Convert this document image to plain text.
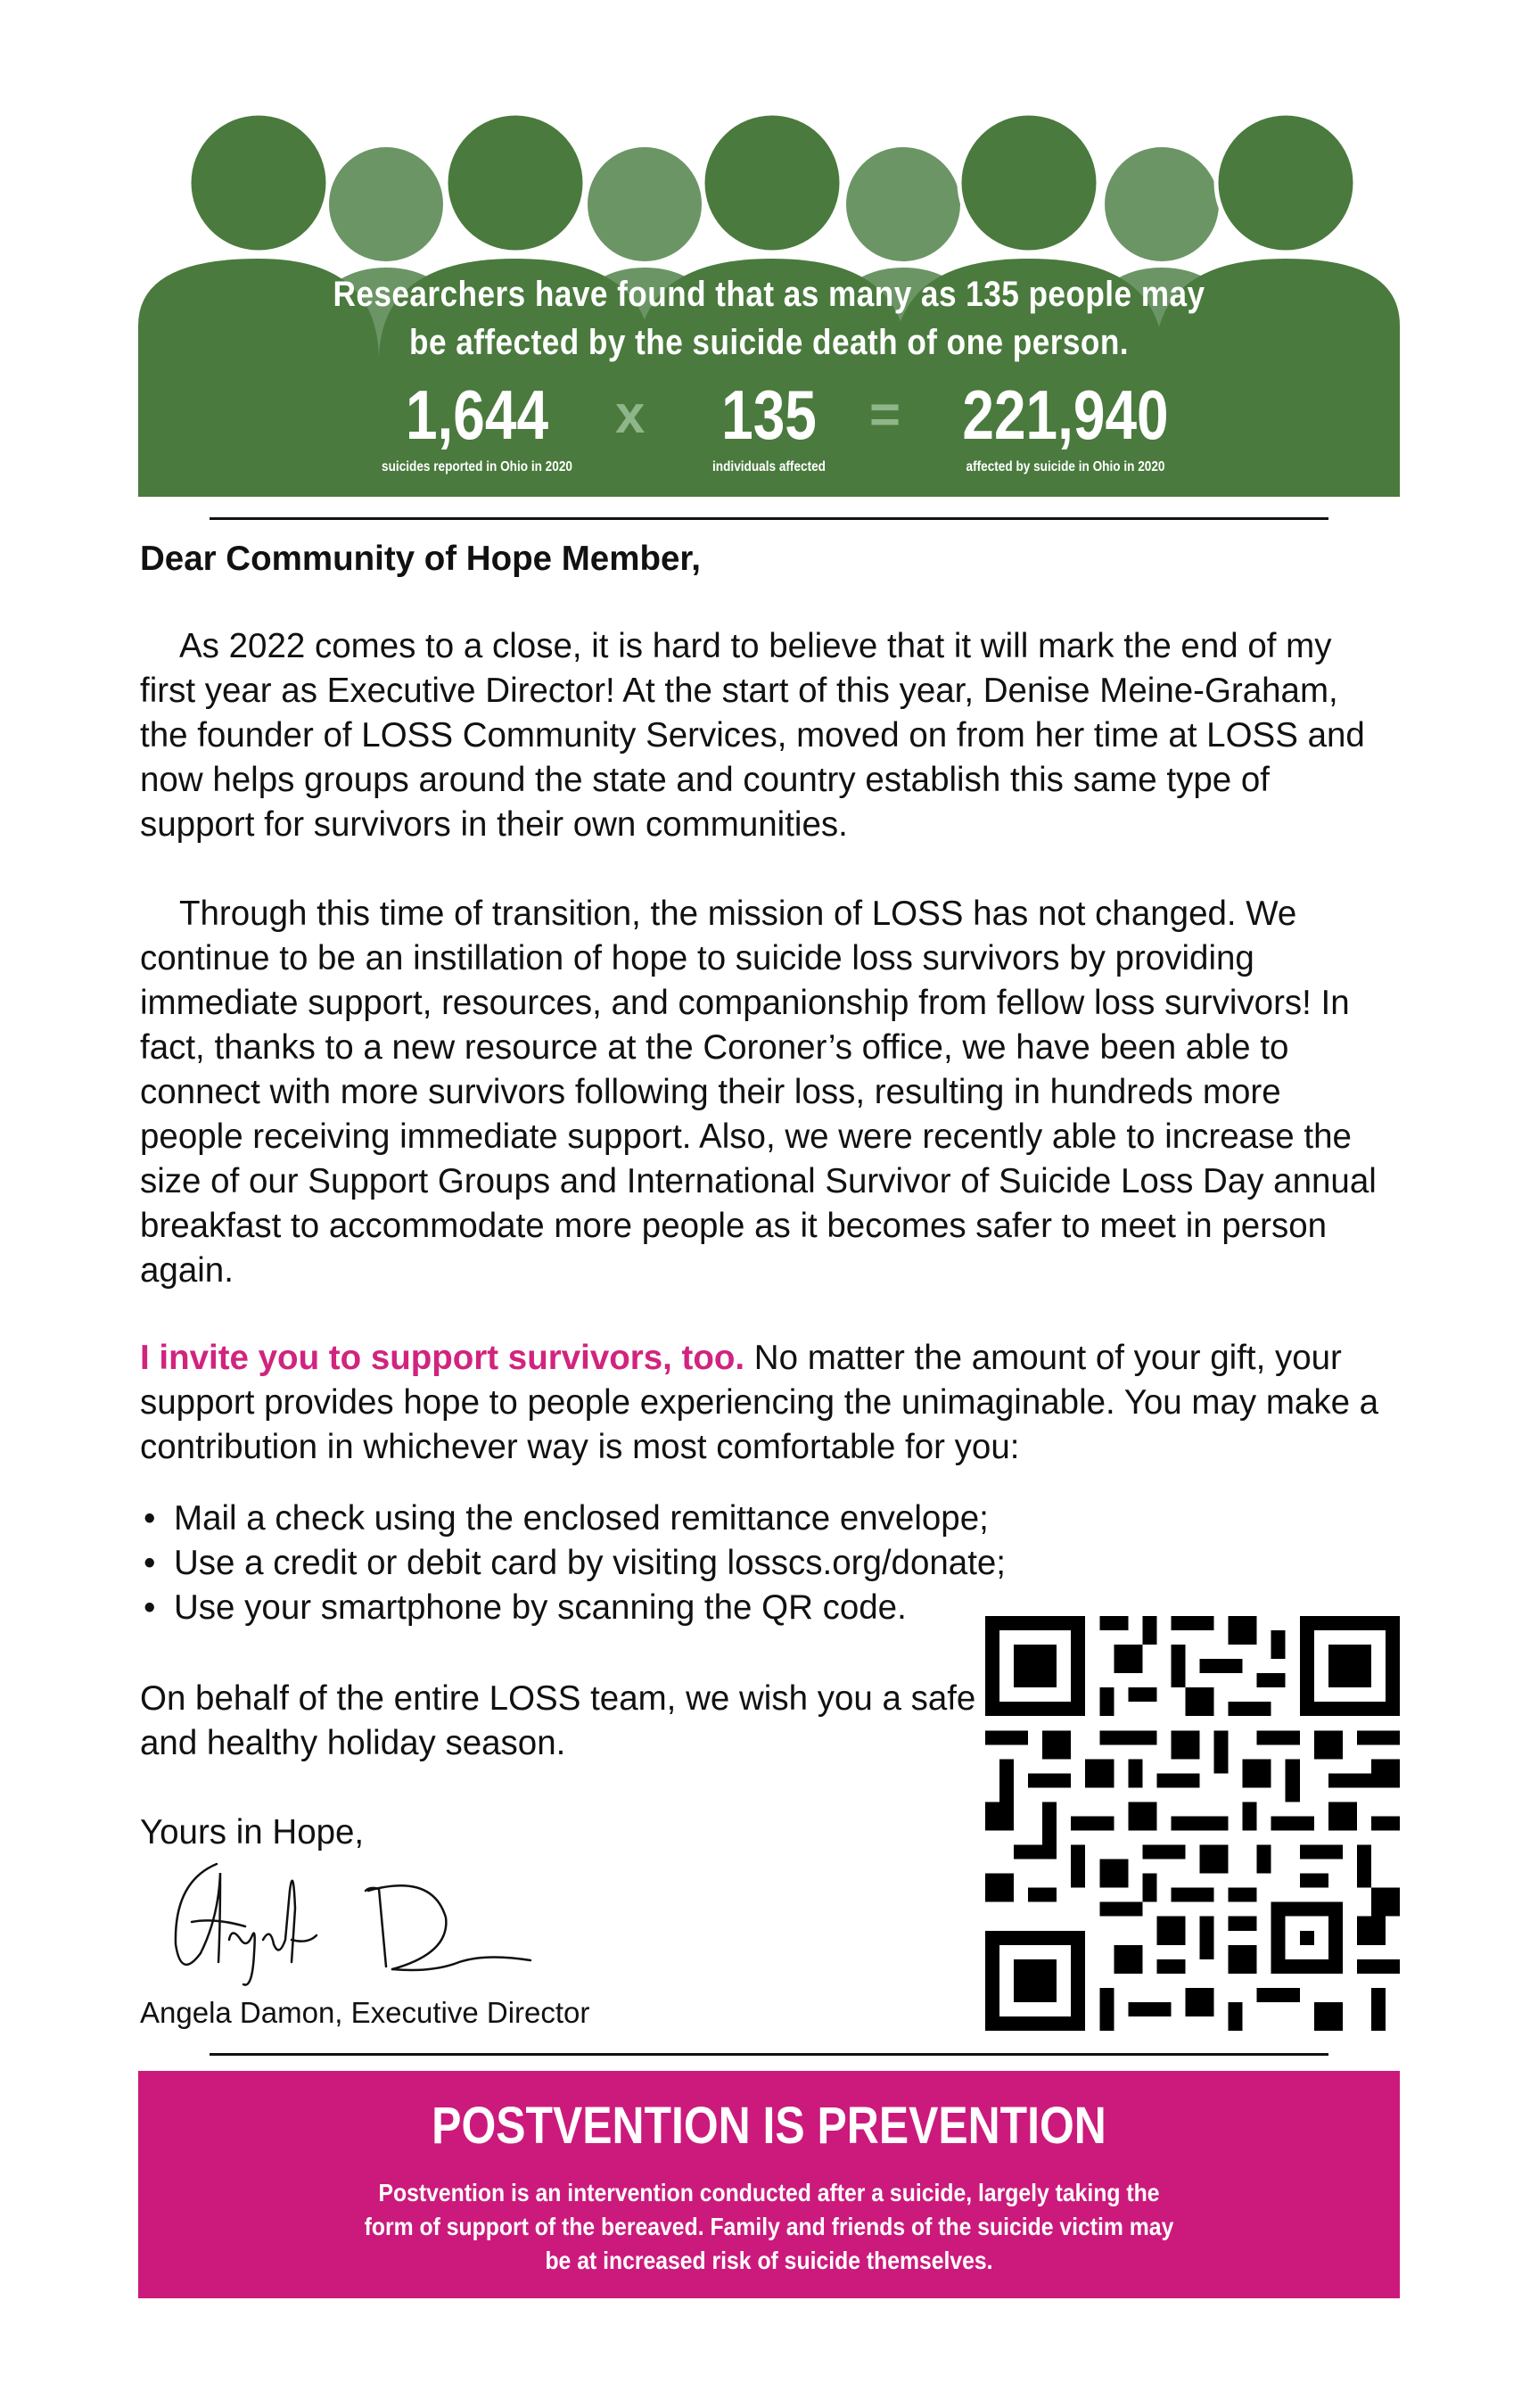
Researchers have found that as many as 135 people may
be affected by the suicide death of one person.
1,644
suicides reported in Ohio in 2020
x	135
individuals affected
= 221,940
affected by suicide in Ohio in 2020
Dear Community of Hope Member,
As 2022 comes to a close, it is hard to believe that it will mark the end of my first year as Executive Director! At the start of this year, Denise Meine-Graham, the founder of LOSS Community Services, moved on from her time at LOSS and now helps groups around the state and country establish this same type of support for survivors in their own communities.
Through this time of transition, the mission of LOSS has not changed. We continue to be an instillation of hope to suicide loss survivors by providing immediate support, resources, and companionship from fellow loss survivors! In fact, thanks to a new resource at the Coroner’s office, we have been able to connect with more survivors following their loss, resulting in hundreds more people receiving immediate support. Also, we were recently able to increase the size of our Support Groups and International Survivor of Suicide Loss Day annual breakfast to accommodate more people as it becomes safer to meet in person again.
I invite you to support survivors, too. No matter the amount of your gift, your support provides hope to people experiencing the unimaginable. You may make a contribution in whichever way is most comfortable for you:
• Mail a check using the enclosed remittance envelope;
• Use a credit or debit card by visiting losscs.org/donate;
• Use your smartphone by scanning the QR code.
On behalf of the entire LOSS team, we wish you a safe and healthy holiday season.
Yours in Hope,
Angela Damon, Executive Director
POSTVENTION IS PREVENTION
Postvention is an intervention conducted after a suicide, largely taking the form of support of the bereaved. Family and friends of the suicide victim may be at increased risk of suicide themselves.
